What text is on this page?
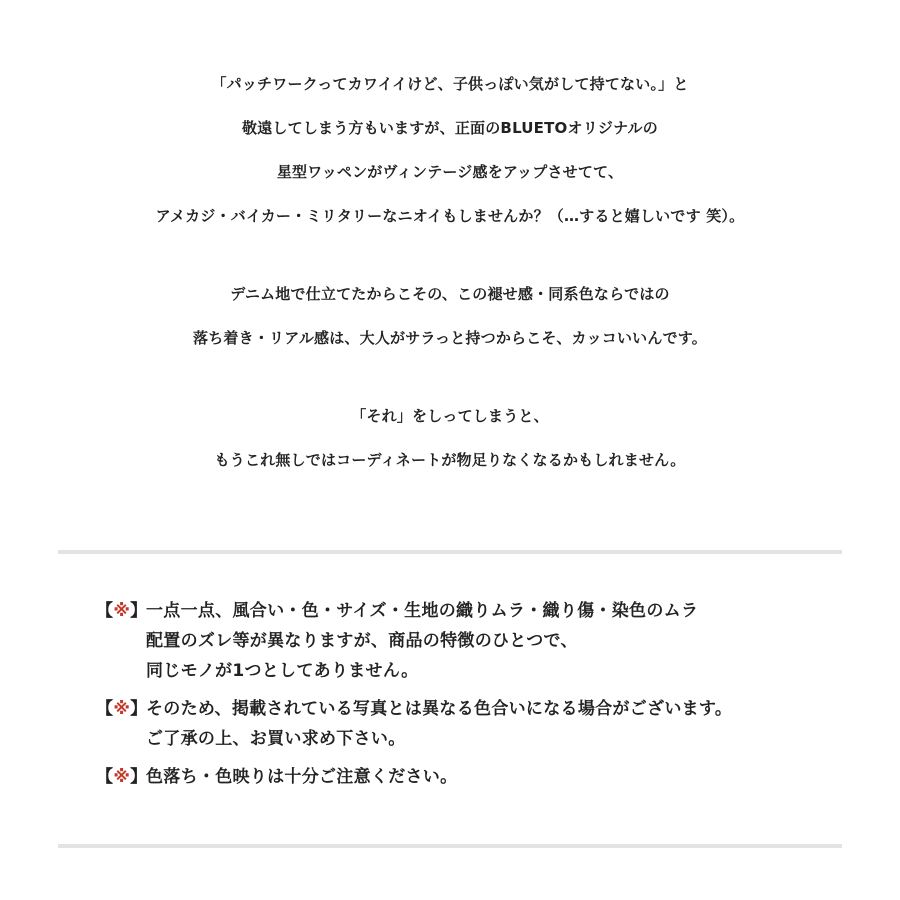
「パッチワークってカワイイけど、子供っぽい気がして持てない。」と
敬遠してしまう方もいますが、正面のBLUETOオリジナルの
星型ワッペンがヴィンテージ感をアップさせてて、
アメカジ・バイカー・ミリタリーなニオイもしませんか？（…すると嬉しいです 笑）。
デニム地で仕立てたからこその、この褪せ感・同系色ならではの
落ち着き・リアル感は、大人がサラっと持つからこそ、カッコいいんです。
「それ」をしってしまうと、
もうこれ無しではコーディネートが物足りなくなるかもしれません。
【※】
一点一点、風合い・色・サイズ・生地の織りムラ・織り傷・染色のムラ
配置のズレ等が異なりますが、商品の特徴のひとつで、
同じモノが1つとしてありません。
【※】
そのため、掲載されている写真とは異なる色合いになる場合がございます。
ご了承の上、お買い求め下さい。
【※】
色落ち・色映りは十分ご注意ください。
